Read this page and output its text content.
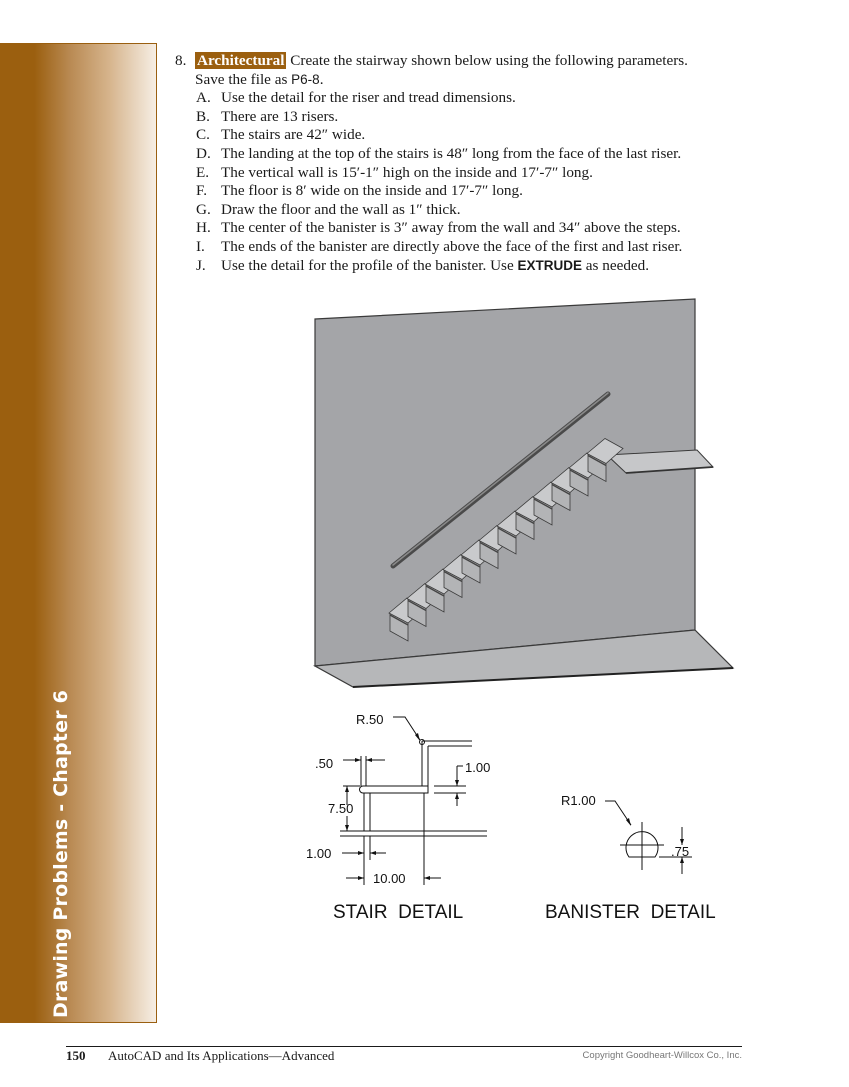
Drawing Problems - Chapter 6
8. Architectural Create the stairway shown below using the following parameters.
Save the file as P6-8.
A. Use the detail for the riser and tread dimensions.
B. There are 13 risers.
C. The stairs are 42″ wide.
D. The landing at the top of the stairs is 48″ long from the face of the last riser.
E. The vertical wall is 15′-1″ high on the inside and 17′-7″ long.
F. The floor is 8′ wide on the inside and 17′-7″ long.
G. Draw the floor and the wall as 1″ thick.
H. The center of the banister is 3″ away from the wall and 34″ above the steps.
I. The ends of the banister are directly above the face of the first and last riser.
J. Use the detail for the profile of the banister. Use EXTRUDE as needed.
R.50
.50	1.00
7.50
1.00
10.00
STAIR  DETAIL
R1.00
.75
BANISTER  DETAIL
150 AutoCAD and Its Applications—Advanced	Copyright Goodheart-Willcox Co., Inc.
